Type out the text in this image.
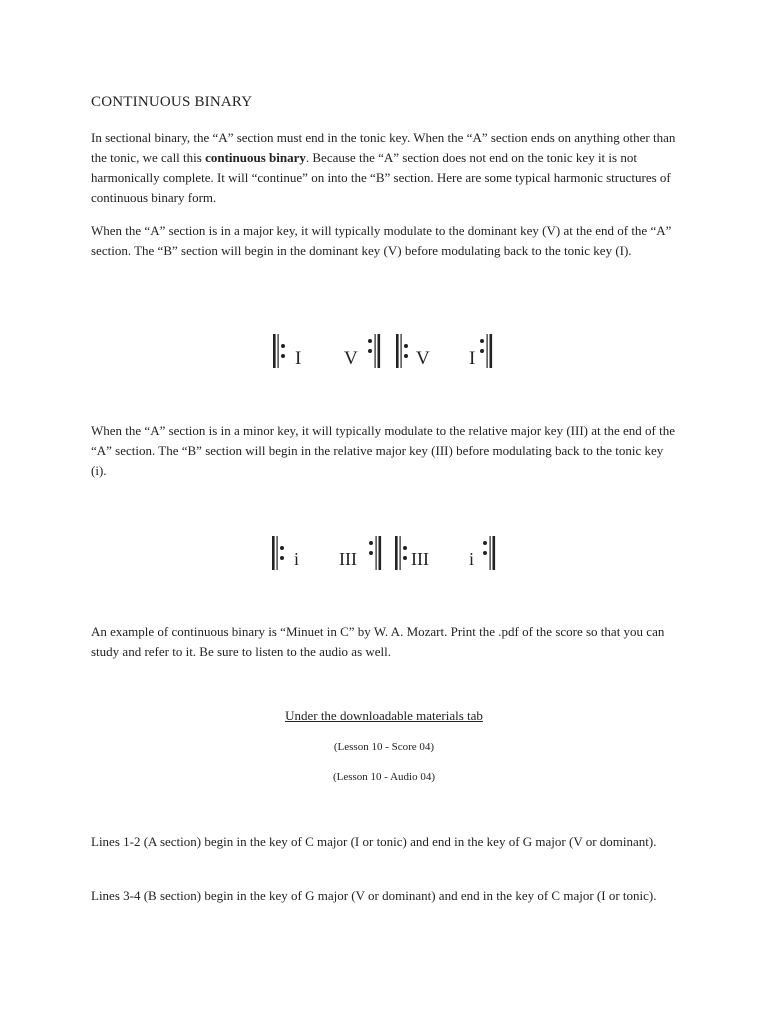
CONTINUOUS BINARY

In sectional binary, the “A” section must end in the tonic key. When the “A” section ends on anything other than the tonic, we call this continuous binary. Because the “A” section does not end on the tonic key it is not harmonically complete. It will “continue” on into the “B” section. Here are some typical harmonic structures of continuous binary form.

When the “A” section is in a major key, it will typically modulate to the dominant key (V) at the end of the “A” section. The “B” section will begin in the dominant key (V) before modulating back to the tonic key (I).

I V	V I

When the “A” section is in a minor key, it will typically modulate to the relative major key (III) at the end of the “A” section. The “B” section will begin in the relative major key (III) before modulating back to the tonic key (i).

i III	III i

An example of continuous binary is “Minuet in C” by W. A. Mozart. Print the .pdf of the score so that you can study and refer to it. Be sure to listen to the audio as well.

Under the downloadable materials tab
(Lesson 10 - Score 04)
(Lesson 10 - Audio 04)

Lines 1-2 (A section) begin in the key of C major (I or tonic) and end in the key of G major (V or dominant).

Lines 3-4 (B section) begin in the key of G major (V or dominant) and end in the key of C major (I or tonic).
